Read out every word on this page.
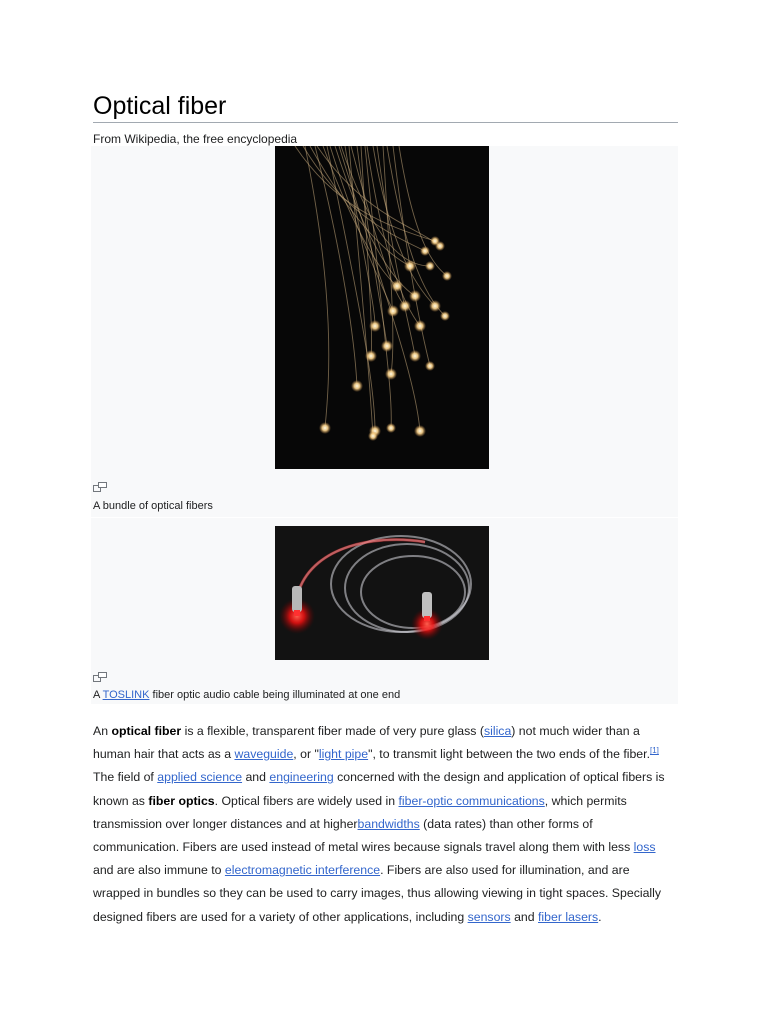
Optical fiber
From Wikipedia, the free encyclopedia
A bundle of optical fibers
A TOSLINK fiber optic audio cable being illuminated at one end
An optical fiber is a flexible, transparent fiber made of very pure glass (silica) not much wider than a human hair that acts as a waveguide, or "light pipe", to transmit light between the two ends of the fiber.[1] The field of applied science and engineering concerned with the design and application of optical fibers is known as fiber optics. Optical fibers are widely used in fiber-optic communications, which permits transmission over longer distances and at higherbandwidths (data rates) than other forms of communication. Fibers are used instead of metal wires because signals travel along them with less loss and are also immune to electromagnetic interference. Fibers are also used for illumination, and are wrapped in bundles so they can be used to carry images, thus allowing viewing in tight spaces. Specially designed fibers are used for a variety of other applications, including sensors and fiber lasers.
